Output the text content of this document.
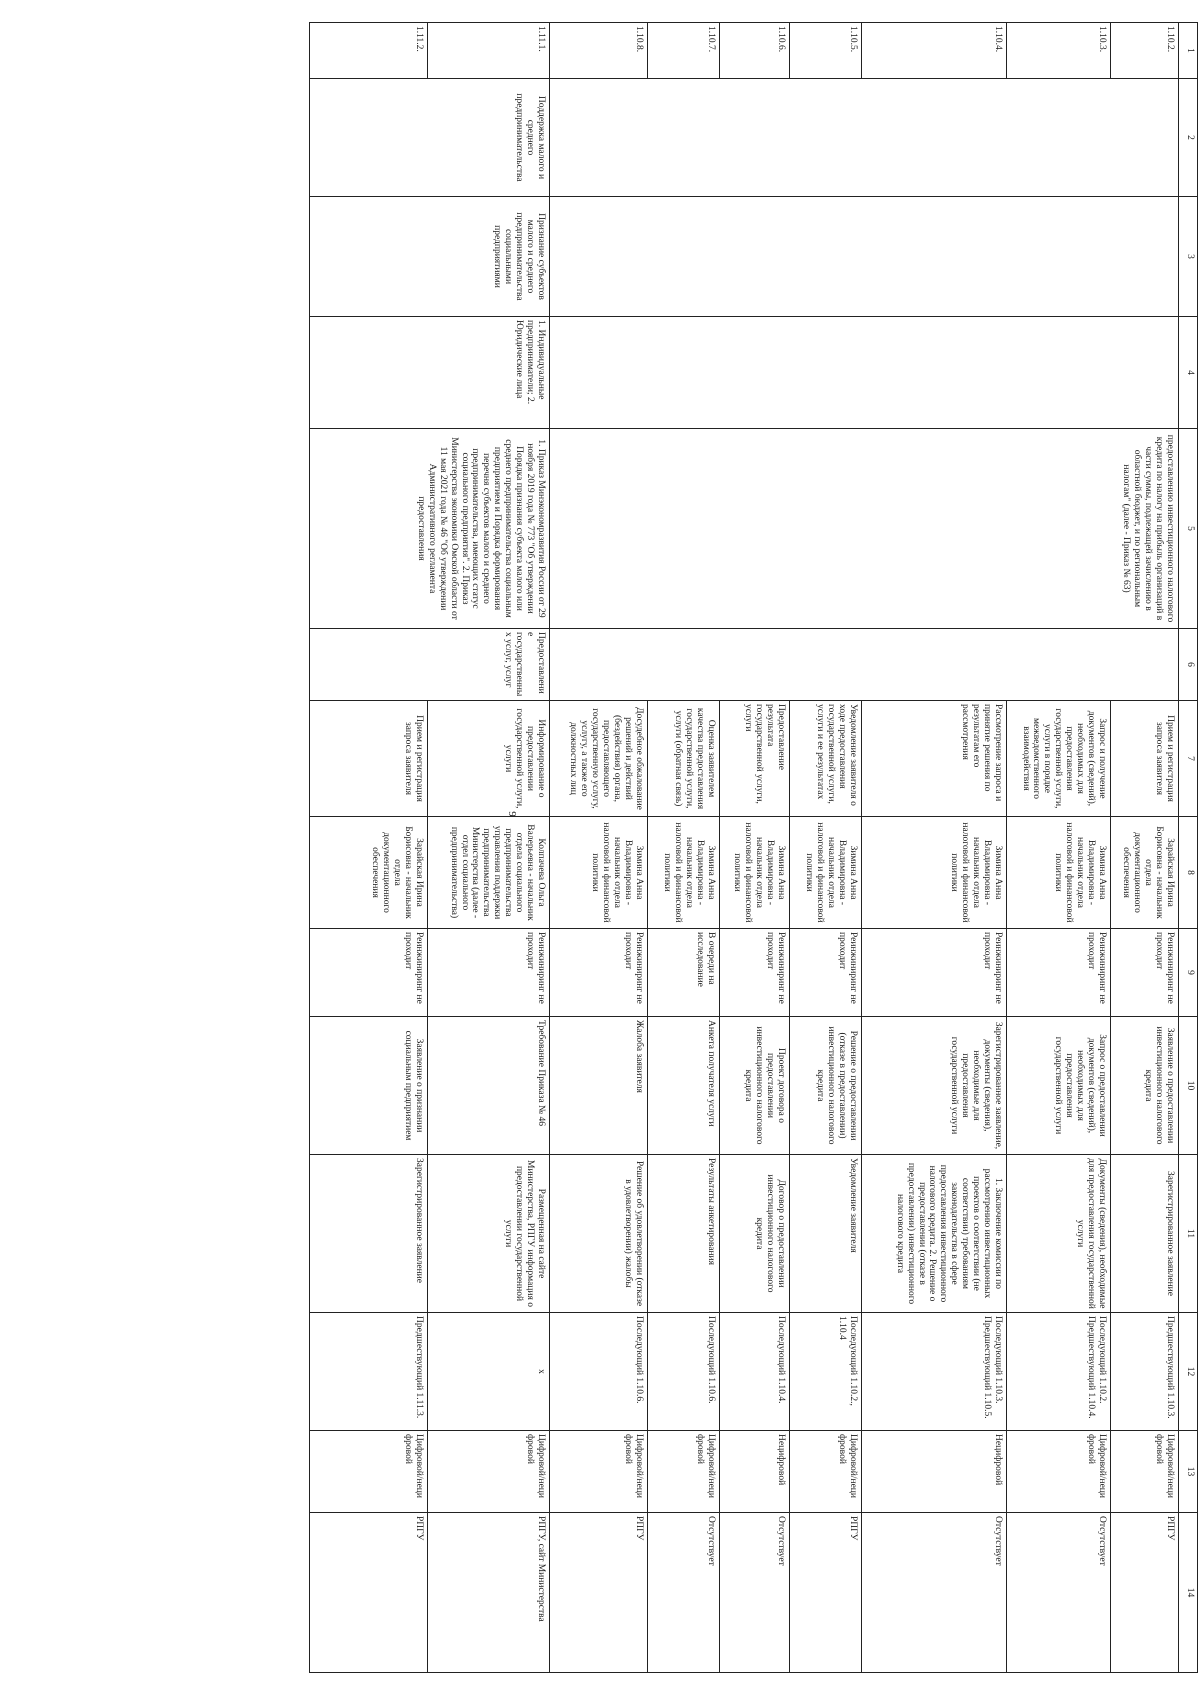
9
1	2	3	4	5	6	7	8	9	10	11	12	13	14
1.10.2.				предоставлению инвестиционного налогового кредита по налогу на прибыль организаций в части суммы, подлежащей зачислению в областной бюджет, и по региональным налогам" (далее - Приказ № 63)		Прием и регистрация запроса заявителя	Зарайская Ирина Борисовна - начальник отдела документационного обеспечения	Реинжиниринг не проходит	Заявление о предоставлении инвестиционного налогового кредита	Зарегистрированное заявление	Предшествующий 1.10.3.	Цифровой/неци фровой	РПГУ
1.10.3.						Запрос и получение документов (сведений), необходимых для предоставления государственной услуги, услуги в порядке межведомственного взаимодействия	Зимина Анна Владимировна - начальник отдела налоговой и финансовой политики	Реинжиниринг не проходит	Запрос о предоставлении документов (сведений), необходимых для предоставления государственной услуги	Документы (сведения), необходимые для предоставления государственной услуги	Последующий 1.10.2. Предшествующий 1.10.4.	Цифровой/неци фровой	Отсутствует
1.10.4.						Рассмотрение запроса и принятие решения по результатам его рассмотрения	Зимина Анна Владимировна - начальник отдела налоговой и финансовой политики	Реинжиниринг не проходит	Зарегистрированное заявление, документы (сведения), необходимые для предоставления государственной услуги	1. Заключение комиссии по рассмотрению инвестиционных проектов о соответствии (не соответствии) требованиям законодательства в сфере предоставления инвестиционного налогового кредита. 2. Решение о предоставлении (отказе в предоставлении) инвестиционного налогового кредита	Последующий 1.10.3. Предшествующий 1.10.5.	Нецифровой	Отсутствует
1.10.5.						Уведомление заявителя о ходе предоставления государственной услуги, услуги и ее результатах	Зимина Анна Владимировна - начальник отдела налоговой и финансовой политики	Реинжиниринг не проходит	Решение о предоставлении (отказе в предоставлении) инвестиционного налогового кредита	Уведомление заявителя	Последующий 1.10.2., 1.10.4	Цифровой/неци фровой	РПГУ
1.10.6.						Предоставление результата государственной услуги, услуги	Зимина Анна Владимировна - начальник отдела налоговой и финансовой политики	Реинжиниринг не проходит	Проект договора о предоставлении инвестиционного налогового кредита	Договор о предоставлении инвестиционного налогового кредита	Последующий 1.10.4.	Нецифровой	Отсутствует
1.10.7.						Оценка заявителем качества предоставления государственной услуги, услуги (обратная связь)	Зимина Анна Владимировна - начальник отдела налоговой и финансовой политики	В очереди на исследование	Анкета получателя услуги	Результаты анкетирования	Последующий 1.10.6.	Цифровой/неци фровой	Отсутствует
1.10.8.						Досудебное обжалование решений и действий (бездействия) органа, предоставляющего государственную услугу, услугу, а также его должностных лиц	Зимина Анна Владимировна - начальник отдела налоговой и финансовой политики	Реинжиниринг не проходит	Жалоба заявителя	Решение об удовлетворении (отказе в удовлетворении) жалобы	Последующий 1.10.6.	Цифровой/неци фровой	РПГУ
1.11.1.	Поддержка малого и среднего предпринимательства	Признание субъектов малого и среднего предпринимательства социальными предприятиями	1. Индивидуальные предприниматели; 2. Юридические лица	1. Приказ Минэкономразвития России от 29 ноября 2019 года № 773 "Об утверждении Порядка признания субъекта малого или среднего предпринимательства социальным предприятием и Порядка формирования перечня субъектов малого и среднего предпринимательства, имеющих статус социального предприятия". 2. Приказ Министерства экономики Омской области от 11 мая 2021 года № 46 "Об утверждении Административного регламента предоставления	Предоставление государственных услуг, услуг	Информирование о предоставлении государственной услуги, услуги	Колпачева Ольга Валерьевна - начальник отдела социального предпринимательства управления поддержки предпринимательства Министерства (далее - отдел социального предпринимательства)	Реинжиниринг не проходит	Требование Приказа № 46	Размещенная на сайте Министерства, РПГУ информация о предоставлении государственной услуги	х	Цифровой/неци фровой	РПГУ, сайт Министерства
1.11.2.						Прием и регистрация запроса заявителя	Зарайская Ирина Борисовна - начальник отдела документационного обеспечения	Реинжиниринг не проходит	Заявление о признании социальным предприятием	Зарегистрированное заявление	Предшествующий 1.11.3.	Цифровой/неци фровой	РПГУ
